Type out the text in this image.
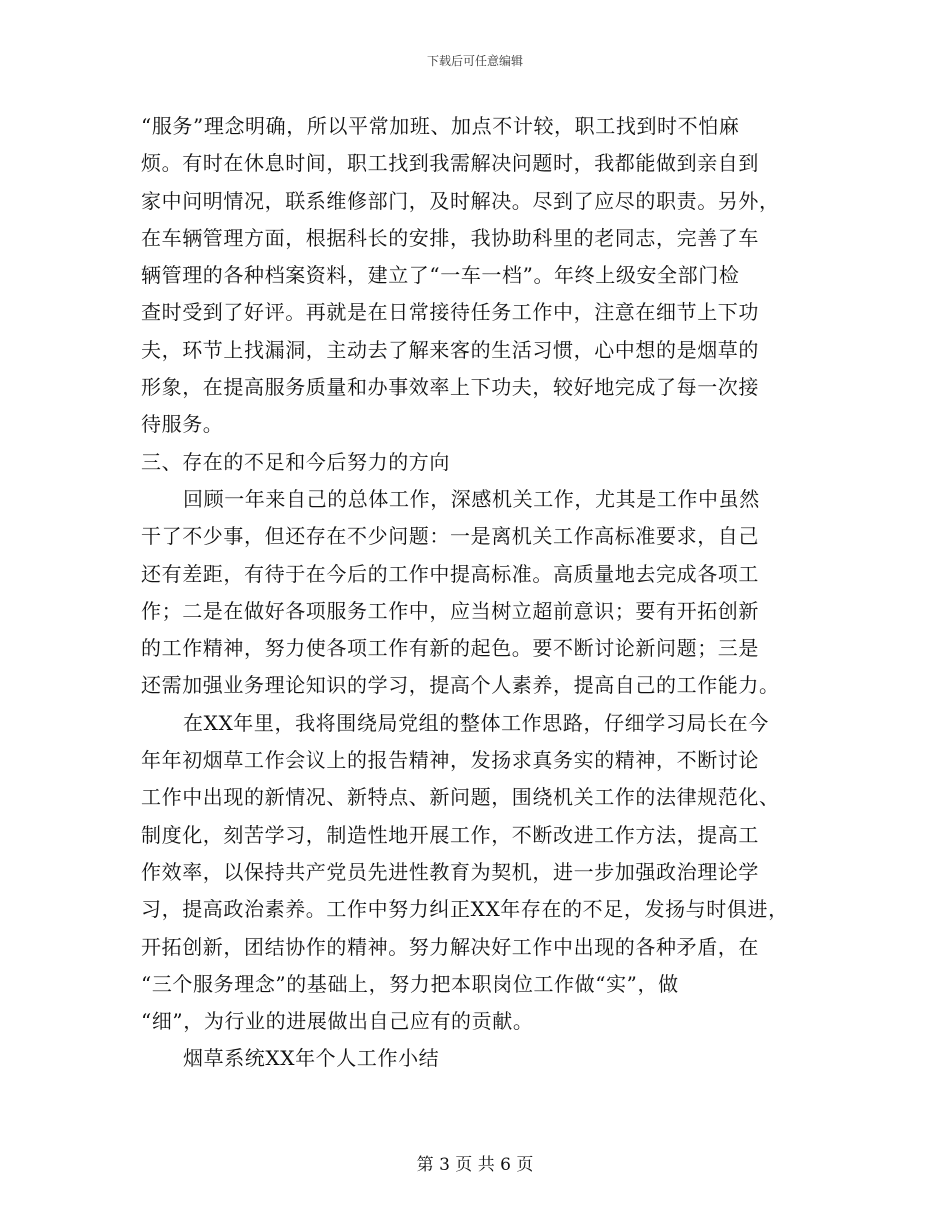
下载后可任意编辑
“服务”理念明确，所以平常加班、加点不计较，职工找到时不怕麻
烦。有时在休息时间，职工找到我需解决问题时，我都能做到亲自到
家中问明情况，联系维修部门，及时解决。尽到了应尽的职责。另外，
在车辆管理方面，根据科长的安排，我协助科里的老同志，完善了车
辆管理的各种档案资料，建立了“一车一档”。年终上级安全部门检
查时受到了好评。再就是在日常接待任务工作中，注意在细节上下功
夫，环节上找漏洞，主动去了解来客的生活习惯，心中想的是烟草的
形象，在提高服务质量和办事效率上下功夫，较好地完成了每一次接
待服务。
三、存在的不足和今后努力的方向
回顾一年来自己的总体工作，深感机关工作，尤其是工作中虽然
干了不少事，但还存在不少问题：一是离机关工作高标准要求，自己
还有差距，有待于在今后的工作中提高标准。高质量地去完成各项工
作；二是在做好各项服务工作中，应当树立超前意识；要有开拓创新
的工作精神，努力使各项工作有新的起色。要不断讨论新问题；三是
还需加强业务理论知识的学习，提高个人素养，提高自己的工作能力。
在XX年里，我将围绕局党组的整体工作思路，仔细学习局长在今
年年初烟草工作会议上的报告精神，发扬求真务实的精神，不断讨论
工作中出现的新情况、新特点、新问题，围绕机关工作的法律规范化、
制度化，刻苦学习，制造性地开展工作，不断改进工作方法，提高工
作效率，以保持共产党员先进性教育为契机，进一步加强政治理论学
习，提高政治素养。工作中努力纠正XX年存在的不足，发扬与时俱进，
开拓创新，团结协作的精神。努力解决好工作中出现的各种矛盾，在
“三个服务理念”的基础上，努力把本职岗位工作做“实”，做
“细”，为行业的进展做出自己应有的贡献。
烟草系统XX年个人工作小结
第 3 页 共 6 页
